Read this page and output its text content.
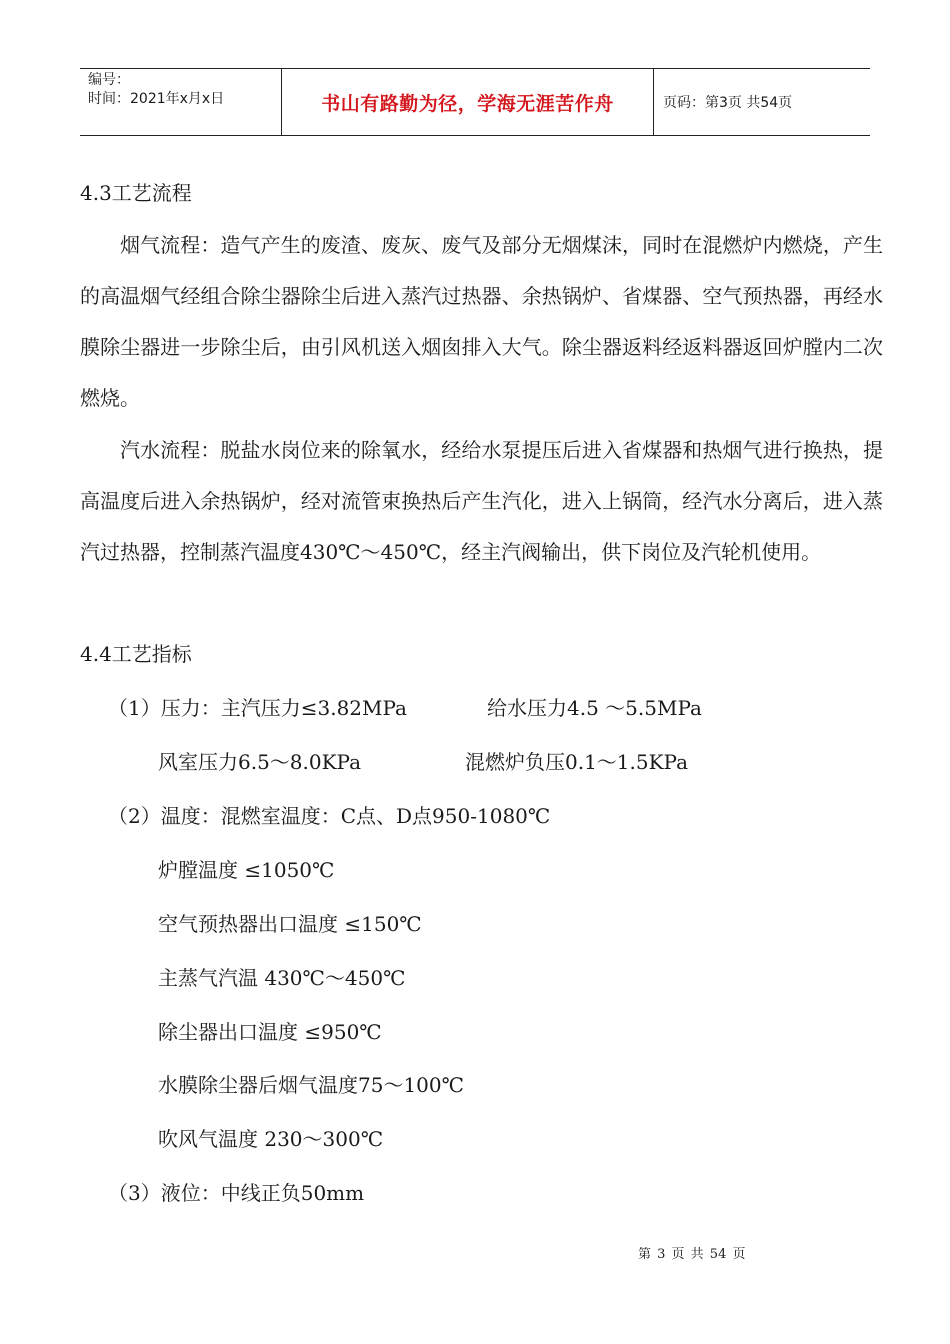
编号：
时间：2021年x月x日	书山有路勤为径，学海无涯苦作舟	页码：第3页 共54页
4.3工艺流程
烟气流程：造气产生的废渣、废灰、废气及部分无烟煤沫，同时在混燃炉内燃烧，产生的高温烟气经组合除尘器除尘后进入蒸汽过热器、余热锅炉、省煤器、空气预热器，再经水膜除尘器进一步除尘后，由引风机送入烟囱排入大气。除尘器返料经返料器返回炉膛内二次燃烧。
汽水流程：脱盐水岗位来的除氧水，经给水泵提压后进入省煤器和热烟气进行换热，提高温度后进入余热锅炉，经对流管束换热后产生汽化，进入上锅筒，经汽水分离后，进入蒸汽过热器，控制蒸汽温度430℃～450℃，经主汽阀输出，供下岗位及汽轮机使用。
4.4工艺指标
（1）压力：主汽压力≤3.82MPa	给水压力4.5 ～5.5MPa
风室压力6.5～8.0KPa	混燃炉负压0.1～1.5KPa
（2）温度：混燃室温度：C点、D点950-1080℃
炉膛温度 ≤1050℃
空气预热器出口温度 ≤150℃
主蒸气汽温 430℃～450℃
除尘器出口温度 ≤950℃
水膜除尘器后烟气温度75～100℃
吹风气温度 230～300℃
（3）液位：中线正负50mm
第 3 页 共 54 页
